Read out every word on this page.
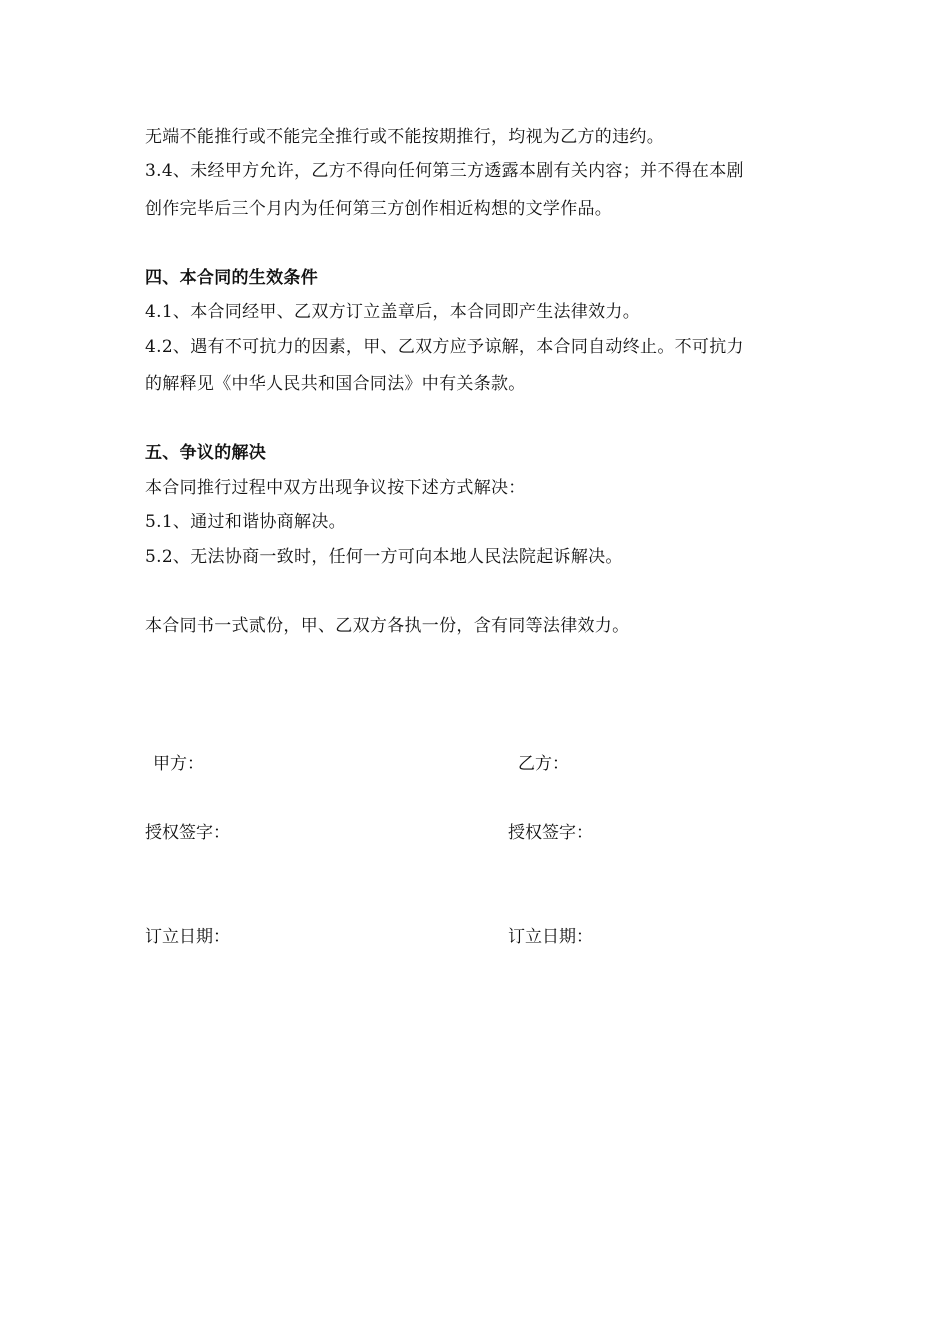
无端不能推行或不能完全推行或不能按期推行，均视为乙方的违约。
3.4、未经甲方允许，乙方不得向任何第三方透露本剧有关内容；并不得在本剧
创作完毕后三个月内为任何第三方创作相近构想的文学作品。
四、本合同的生效条件
4.1、本合同经甲、乙双方订立盖章后，本合同即产生法律效力。
4.2、遇有不可抗力的因素，甲、乙双方应予谅解，本合同自动终止。不可抗力
的解释见《中华人民共和国合同法》中有关条款。
五、争议的解决
本合同推行过程中双方出现争议按下述方式解决：
5.1、通过和谐协商解决。
5.2、无法协商一致时，任何一方可向本地人民法院起诉解决。
本合同书一式贰份，甲、乙双方各执一份，含有同等法律效力。
甲方：	乙方：
授权签字：	授权签字：
订立日期：	订立日期：
